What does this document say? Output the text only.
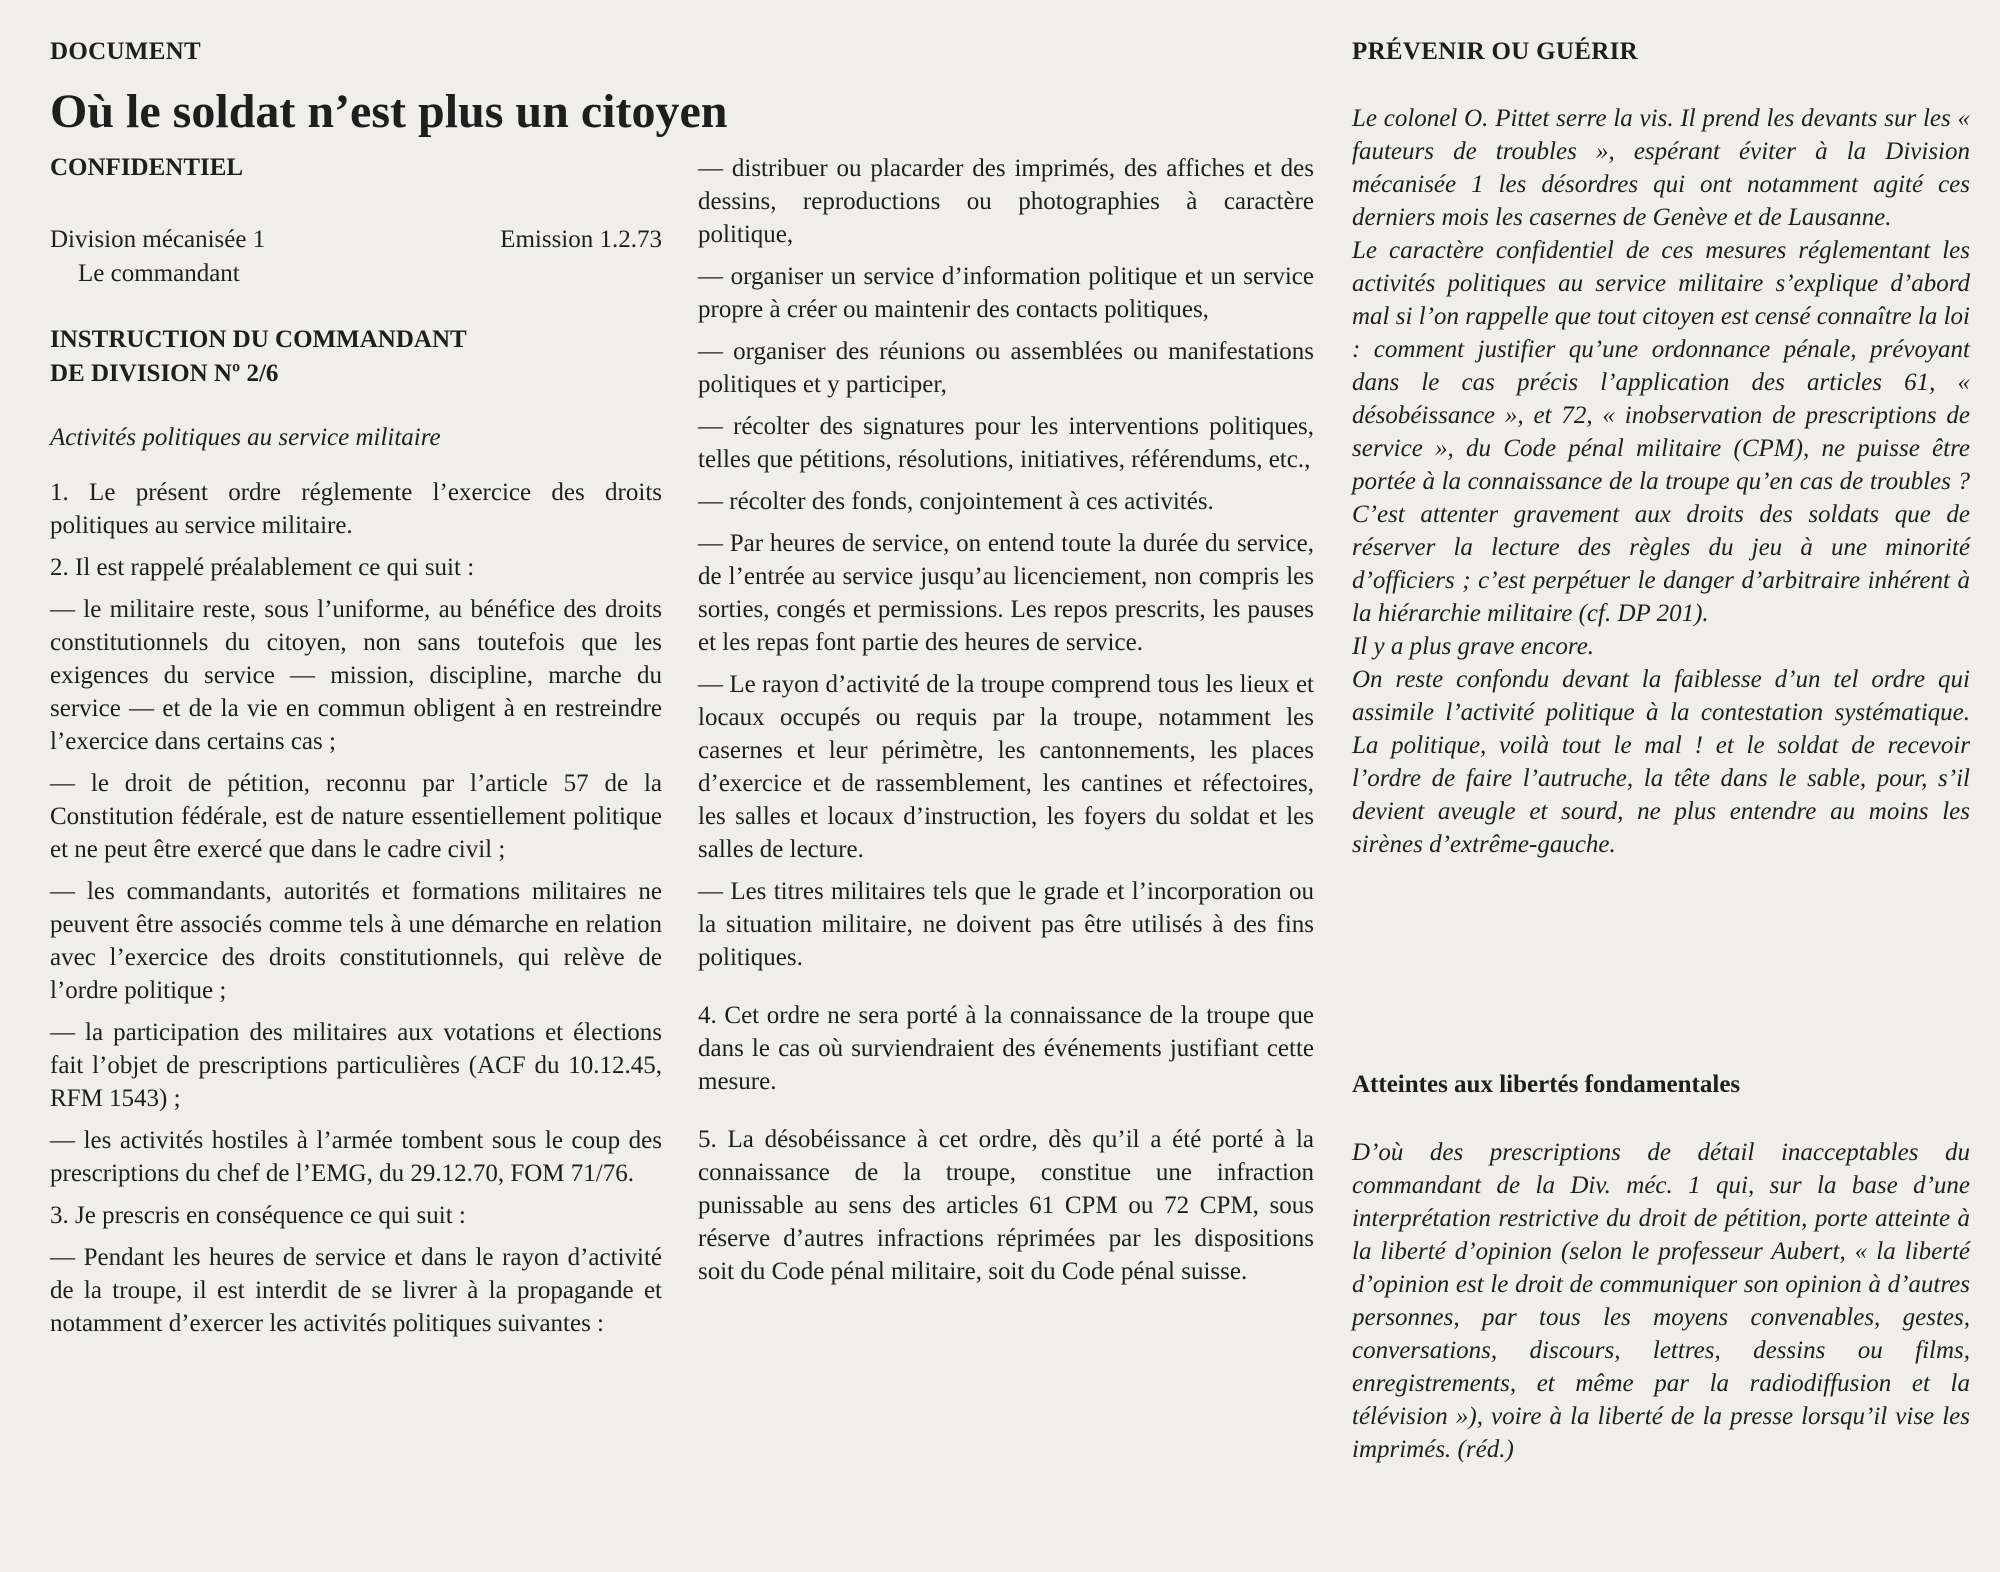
DOCUMENT
Où le soldat n’est plus un citoyen
CONFIDENTIEL
Division mécanisée 1	Emission 1.2.73
Le commandant
INSTRUCTION DU COMMANDANT
DE DIVISION Nº 2/6
Activités politiques au service militaire

1. Le présent ordre réglemente l’exercice des droits politiques au service militaire.

2. Il est rappelé préalablement ce qui suit :

— le militaire reste, sous l’uniforme, au bénéfice des droits constitutionnels du citoyen, non sans toutefois que les exigences du service — mission, discipline, marche du service — et de la vie en commun obligent à en restreindre l’exercice dans certains cas ;

— le droit de pétition, reconnu par l’article 57 de la Constitution fédérale, est de nature essentiellement politique et ne peut être exercé que dans le cadre civil ;

— les commandants, autorités et formations militaires ne peuvent être associés comme tels à une démarche en relation avec l’exercice des droits constitutionnels, qui relève de l’ordre politique ;

— la participation des militaires aux votations et élections fait l’objet de prescriptions particulières (ACF du 10.12.45, RFM 1543) ;

— les activités hostiles à l’armée tombent sous le coup des prescriptions du chef de l’EMG, du 29.12.70, FOM 71/76.

3. Je prescris en conséquence ce qui suit :

— Pendant les heures de service et dans le rayon d’activité de la troupe, il est interdit de se livrer à la propagande et notamment d’exercer les activités politiques suivantes :

— distribuer ou placarder des imprimés, des affiches et des dessins, reproductions ou photographies à caractère politique,

— organiser un service d’information politique et un service propre à créer ou maintenir des contacts politiques,

— organiser des réunions ou assemblées ou manifestations politiques et y participer,

— récolter des signatures pour les interventions politiques, telles que pétitions, résolutions, initiatives, référendums, etc.,

— récolter des fonds, conjointement à ces activités.

— Par heures de service, on entend toute la durée du service, de l’entrée au service jusqu’au licenciement, non compris les sorties, congés et permissions. Les repos prescrits, les pauses et les repas font partie des heures de service.

— Le rayon d’activité de la troupe comprend tous les lieux et locaux occupés ou requis par la troupe, notamment les casernes et leur périmètre, les cantonnements, les places d’exercice et de rassemblement, les cantines et réfectoires, les salles et locaux d’instruction, les foyers du soldat et les salles de lecture.

— Les titres militaires tels que le grade et l’incorporation ou la situation militaire, ne doivent pas être utilisés à des fins politiques.

4. Cet ordre ne sera porté à la connaissance de la troupe que dans le cas où surviendraient des événements justifiant cette mesure.

5. La désobéissance à cet ordre, dès qu’il a été porté à la connaissance de la troupe, constitue une infraction punissable au sens des articles 61 CPM ou 72 CPM, sous réserve d’autres infractions réprimées par les dispositions soit du Code pénal militaire, soit du Code pénal suisse.

PRÉVENIR OU GUÉRIR

Le colonel O. Pittet serre la vis. Il prend les devants sur les « fauteurs de troubles », espérant éviter à la Division mécanisée 1 les désordres qui ont notamment agité ces derniers mois les casernes de Genève et de Lausanne.

Le caractère confidentiel de ces mesures réglementant les activités politiques au service militaire s’explique d’abord mal si l’on rappelle que tout citoyen est censé connaître la loi : comment justifier qu’une ordonnance pénale, prévoyant dans le cas précis l’application des articles 61, « désobéissance », et 72, « inobservation de prescriptions de service », du Code pénal militaire (CPM), ne puisse être portée à la connaissance de la troupe qu’en cas de troubles ? C’est attenter gravement aux droits des soldats que de réserver la lecture des règles du jeu à une minorité d’officiers ; c’est perpétuer le danger d’arbitraire inhérent à la hiérarchie militaire (cf. DP 201).

Il y a plus grave encore.

On reste confondu devant la faiblesse d’un tel ordre qui assimile l’activité politique à la contestation systématique. La politique, voilà tout le mal ! et le soldat de recevoir l’ordre de faire l’autruche, la tête dans le sable, pour, s’il devient aveugle et sourd, ne plus entendre au moins les sirènes d’extrême-gauche.

Atteintes aux libertés fondamentales

D’où des prescriptions de détail inacceptables du commandant de la Div. méc. 1 qui, sur la base d’une interprétation restrictive du droit de pétition, porte atteinte à la liberté d’opinion (selon le professeur Aubert, « la liberté d’opinion est le droit de communiquer son opinion à d’autres personnes, par tous les moyens convenables, gestes, conversations, discours, lettres, dessins ou films, enregistrements, et même par la radiodiffusion et la télévision »), voire à la liberté de la presse lorsqu’il vise les imprimés. (réd.)
